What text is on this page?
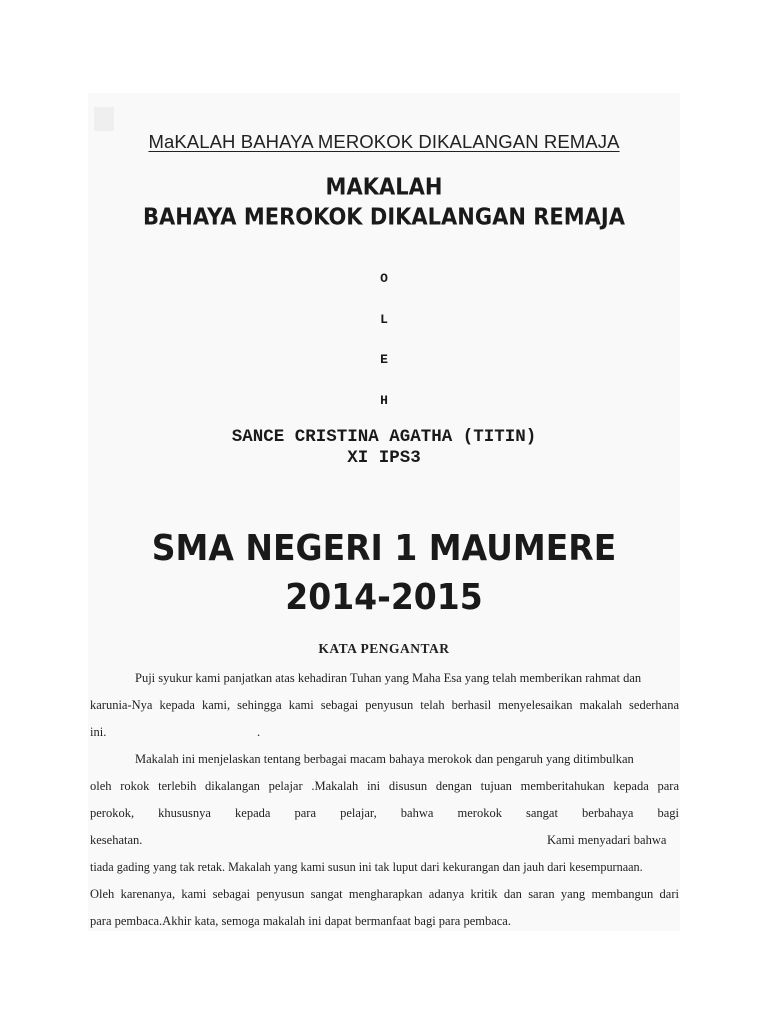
MaKALAH BAHAYA MEROKOK DIKALANGAN REMAJA
MAKALAH
BAHAYA MEROKOK DIKALANGAN REMAJA
O
L
E
H
SANCE CRISTINA AGATHA (TITIN)
XI IPS3
SMA NEGERI 1 MAUMERE
2014-2015
KATA PENGANTAR
Puji syukur kami panjatkan atas kehadiran Tuhan yang Maha Esa yang telah memberikan rahmat dan
karunia-Nya kepada kami, sehingga kami sebagai penyusun telah berhasil menyelesaikan makalah sederhana
ini.	.
Makalah ini menjelaskan tentang berbagai macam bahaya merokok dan pengaruh yang ditimbulkan
oleh rokok terlebih dikalangan pelajar .Makalah ini disusun dengan tujuan memberitahukan kepada para
perokok, khususnya kepada para pelajar, bahwa merokok sangat berbahaya bagi
kesehatan.	Kami menyadari bahwa
tiada gading yang tak retak. Makalah yang kami susun ini tak luput dari kekurangan dan jauh dari kesempurnaan.
Oleh karenanya, kami sebagai penyusun sangat mengharapkan adanya kritik dan saran yang membangun dari
para pembaca.Akhir kata, semoga makalah ini dapat bermanfaat bagi para pembaca.
